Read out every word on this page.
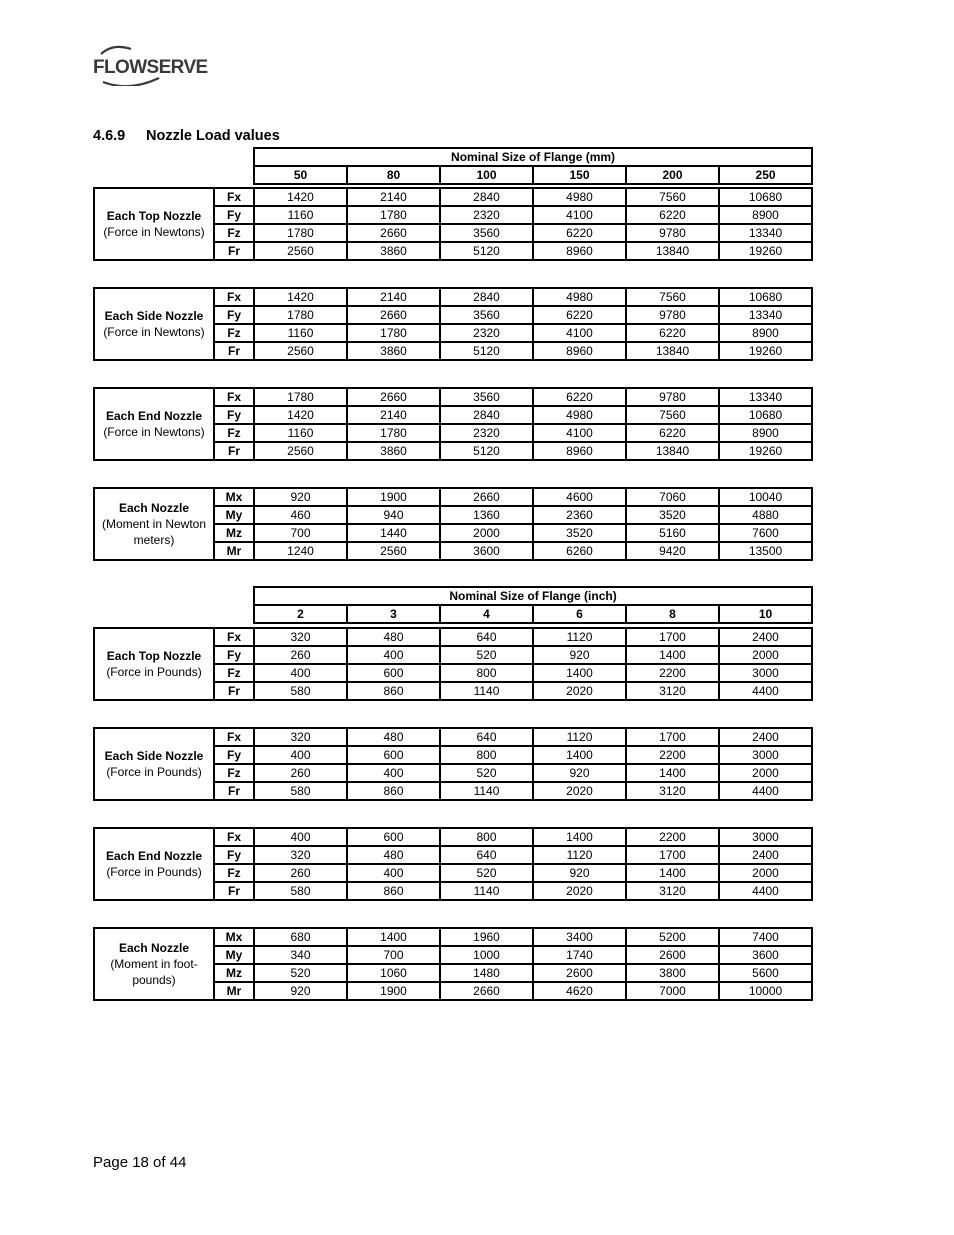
FLOWSERVE
4.6.9 Nozzle Load values
Nominal Size of Flange (mm)
50	80	100	150	200	250
Each Top Nozzle
(Force in Newtons)	Fx	1420	2140	2840	4980	7560	10680
	Fy	1160	1780	2320	4100	6220	8900
	Fz	1780	2660	3560	6220	9780	13340
	Fr	2560	3860	5120	8960	13840	19260
Each Side Nozzle
(Force in Newtons)	Fx	1420	2140	2840	4980	7560	10680
	Fy	1780	2660	3560	6220	9780	13340
	Fz	1160	1780	2320	4100	6220	8900
	Fr	2560	3860	5120	8960	13840	19260
Each End Nozzle
(Force in Newtons)	Fx	1780	2660	3560	6220	9780	13340
	Fy	1420	2140	2840	4980	7560	10680
	Fz	1160	1780	2320	4100	6220	8900
	Fr	2560	3860	5120	8960	13840	19260
Each Nozzle
(Moment in Newton meters)	Mx	920	1900	2660	4600	7060	10040
	My	460	940	1360	2360	3520	4880
	Mz	700	1440	2000	3520	5160	7600
	Mr	1240	2560	3600	6260	9420	13500
Nominal Size of Flange (inch)
2	3	4	6	8	10
Each Top Nozzle
(Force in Pounds)	Fx	320	480	640	1120	1700	2400
	Fy	260	400	520	920	1400	2000
	Fz	400	600	800	1400	2200	3000
	Fr	580	860	1140	2020	3120	4400
Each Side Nozzle
(Force in Pounds)	Fx	320	480	640	1120	1700	2400
	Fy	400	600	800	1400	2200	3000
	Fz	260	400	520	920	1400	2000
	Fr	580	860	1140	2020	3120	4400
Each End Nozzle
(Force in Pounds)	Fx	400	600	800	1400	2200	3000
	Fy	320	480	640	1120	1700	2400
	Fz	260	400	520	920	1400	2000
	Fr	580	860	1140	2020	3120	4400
Each Nozzle
(Moment in foot-pounds)	Mx	680	1400	1960	3400	5200	7400
	My	340	700	1000	1740	2600	3600
	Mz	520	1060	1480	2600	3800	5600
	Mr	920	1900	2660	4620	7000	10000
Page 18 of 44
